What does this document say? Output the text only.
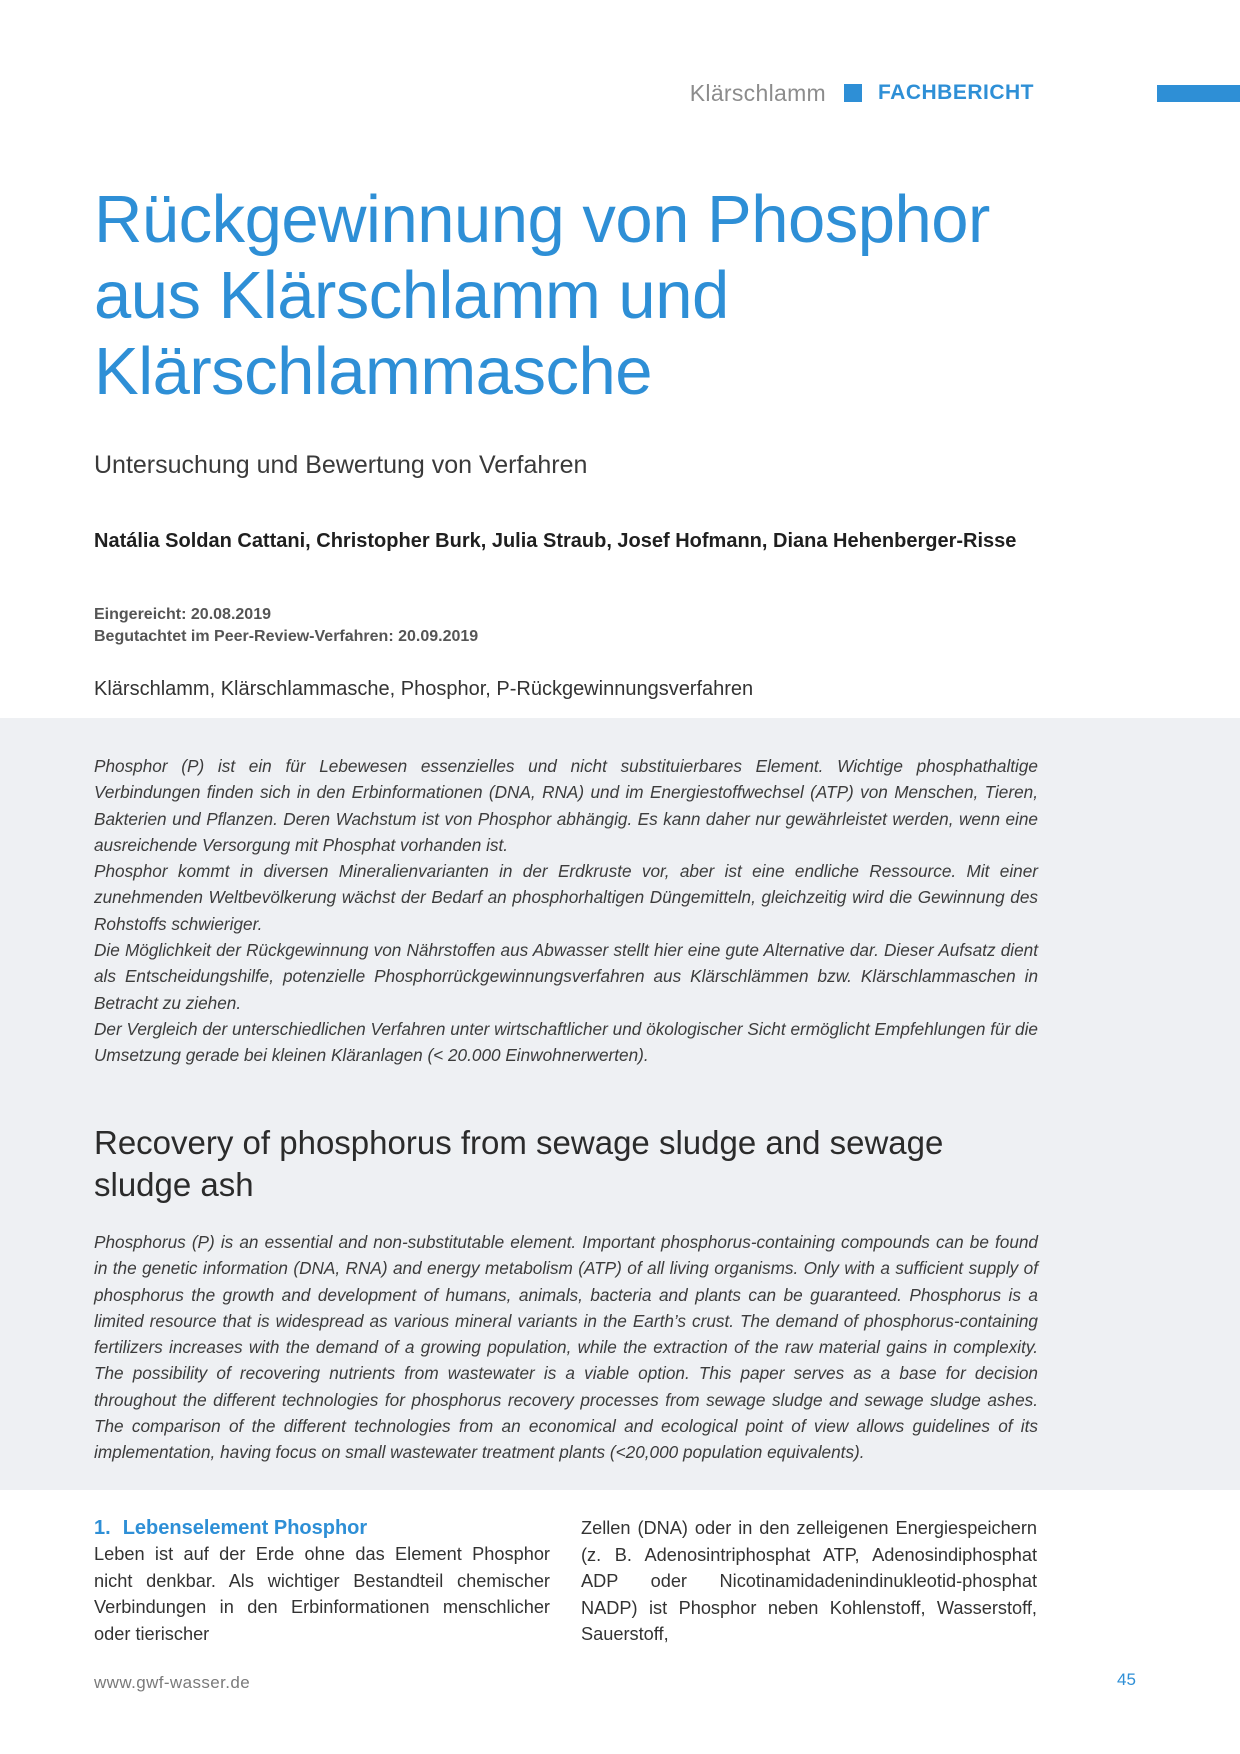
Klärschlamm FACHBERICHT
Rückgewinnung von Phosphor aus Klärschlamm und Klärschlammasche
Untersuchung und Bewertung von Verfahren

Natália Soldan Cattani, Christopher Burk, Julia Straub, Josef Hofmann, Diana Hehenberger-Risse

Eingereicht: 20.08.2019
Begutachtet im Peer-Review-Verfahren: 20.09.2019
Klärschlamm, Klärschlammasche, Phosphor, P-Rückgewinnungsverfahren

Phosphor (P) ist ein für Lebewesen essenzielles und nicht substituierbares Element. Wichtige phosphathaltige Verbindungen finden sich in den Erbinformationen (DNA, RNA) und im Energiestoffwechsel (ATP) von Menschen, Tieren, Bakterien und Pflanzen. Deren Wachstum ist von Phosphor abhängig. Es kann daher nur gewährleistet werden, wenn eine ausreichende Versorgung mit Phosphat vorhanden ist.
Phosphor kommt in diversen Mineralienvarianten in der Erdkruste vor, aber ist eine endliche Ressource. Mit einer zunehmenden Weltbevölkerung wächst der Bedarf an phosphorhaltigen Düngemitteln, gleichzeitig wird die Gewinnung des Rohstoffs schwieriger.
Die Möglichkeit der Rückgewinnung von Nährstoffen aus Abwasser stellt hier eine gute Alternative dar. Dieser Aufsatz dient als Entscheidungshilfe, potenzielle Phosphorrückgewinnungsverfahren aus Klärschlämmen bzw. Klärschlammaschen in Betracht zu ziehen.
Der Vergleich der unterschiedlichen Verfahren unter wirtschaftlicher und ökologischer Sicht ermöglicht Empfehlungen für die Umsetzung gerade bei kleinen Kläranlagen (< 20.000 Einwohnerwerten).

Recovery of phosphorus from sewage sludge and sewage sludge ash

Phosphorus (P) is an essential and non-substitutable element. Important phosphorus-containing compounds can be found in the genetic information (DNA, RNA) and energy metabolism (ATP) of all living organisms. Only with a sufficient supply of phosphorus the growth and development of humans, animals, bacteria and plants can be guaranteed. Phosphorus is a limited resource that is widespread as various mineral variants in the Earth’s crust. The demand of phosphorus-containing fertilizers increases with the demand of a growing population, while the extraction of the raw material gains in complexity. The possibility of recovering nutrients from wastewater is a viable option. This paper serves as a base for decision throughout the different technologies for phosphorus recovery processes from sewage sludge and sewage sludge ashes. The comparison of the different technologies from an economical and ecological point of view allows guidelines of its implementation, having focus on small wastewater treatment plants (<20,000 population equivalents).

1. Lebenselement Phosphor

Leben ist auf der Erde ohne das Element Phosphor nicht denkbar. Als wichtiger Bestandteil chemischer Verbindungen in den Erbinformationen menschlicher oder tierischer

Zellen (DNA) oder in den zelleigenen Energiespeichern (z. B. Adenosintriphosphat ATP, Adenosindiphosphat ADP oder Nicotinamidadenindinukleotid-phosphat NADP) ist Phosphor neben Kohlenstoff, Wasserstoff, Sauerstoff,

www.gwf-wasser.de	45
